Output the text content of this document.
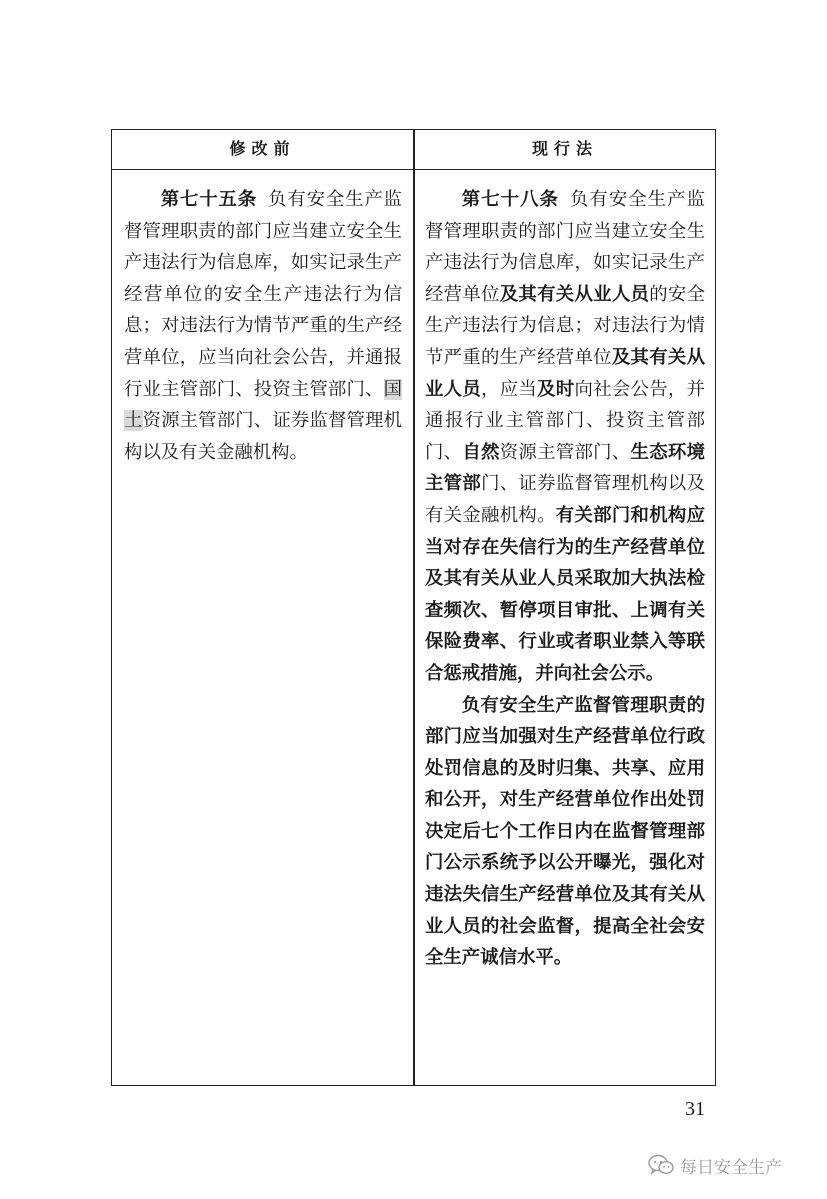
修改前	现行法

第七十五条 负有安全生产监督管理职责的部门应当建立安全生产违法行为信息库，如实记录生产经营单位的安全生产违法行为信息；对违法行为情节严重的生产经营单位，应当向社会公告，并通报行业主管部门、投资主管部门、国土资源主管部门、证券监督管理机构以及有关金融机构。

第七十八条 负有安全生产监督管理职责的部门应当建立安全生产违法行为信息库，如实记录生产经营单位及其有关从业人员的安全生产违法行为信息；对违法行为情节严重的生产经营单位及其有关从业人员，应当及时向社会公告，并通报行业主管部门、投资主管部门、自然资源主管部门、生态环境主管部门、证券监督管理机构以及有关金融机构。有关部门和机构应当对存在失信行为的生产经营单位及其有关从业人员采取加大执法检查频次、暂停项目审批、上调有关保险费率、行业或者职业禁入等联合惩戒措施，并向社会公示。

负有安全生产监督管理职责的部门应当加强对生产经营单位行政处罚信息的及时归集、共享、应用和公开，对生产经营单位作出处罚决定后七个工作日内在监督管理部门公示系统予以公开曝光，强化对违法失信生产经营单位及其有关从业人员的社会监督，提高全社会安全生产诚信水平。

31
每日安全生产
